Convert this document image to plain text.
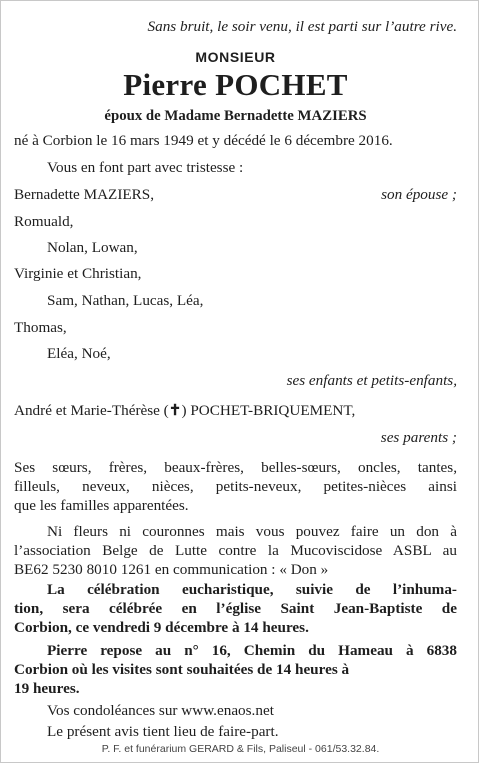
Sans bruit, le soir venu, il est parti sur l’autre rive.
MONSIEUR
Pierre POCHET
époux de Madame Bernadette MAZIERS
né à Corbion le 16 mars 1949 et y décédé le 6 décembre 2016.
Vous en font part avec tristesse :
Bernadette MAZIERS,	son épouse ;
Romuald,
Nolan, Lowan,
Virginie et Christian,
Sam, Nathan, Lucas, Léa,
Thomas,
Eléa, Noé,
ses enfants et petits-enfants,
André et Marie-Thérèse (✝) POCHET-BRIQUEMENT,
ses parents ;
Ses sœurs, frères, beaux-frères, belles-sœurs, oncles, tantes,
filleuls, neveux, nièces, petits-neveux, petites-nièces ainsi
que les familles apparentées.
Ni fleurs ni couronnes mais vous pouvez faire un don à
l’association Belge de Lutte contre la Mucoviscidose ASBL au
BE62 5230 8010 1261 en communication : « Don »
La célébration eucharistique, suivie de l’inhuma-
tion, sera célébrée en l’église Saint Jean-Baptiste de
Corbion, ce vendredi 9 décembre à 14 heures.
Pierre repose au n° 16, Chemin du Hameau à 6838
Corbion où les visites sont souhaitées de 14 heures à
19 heures.
Vos condoléances sur www.enaos.net
Le présent avis tient lieu de faire-part.
P. F. et funérarium GERARD & Fils, Paliseul - 061/53.32.84.
